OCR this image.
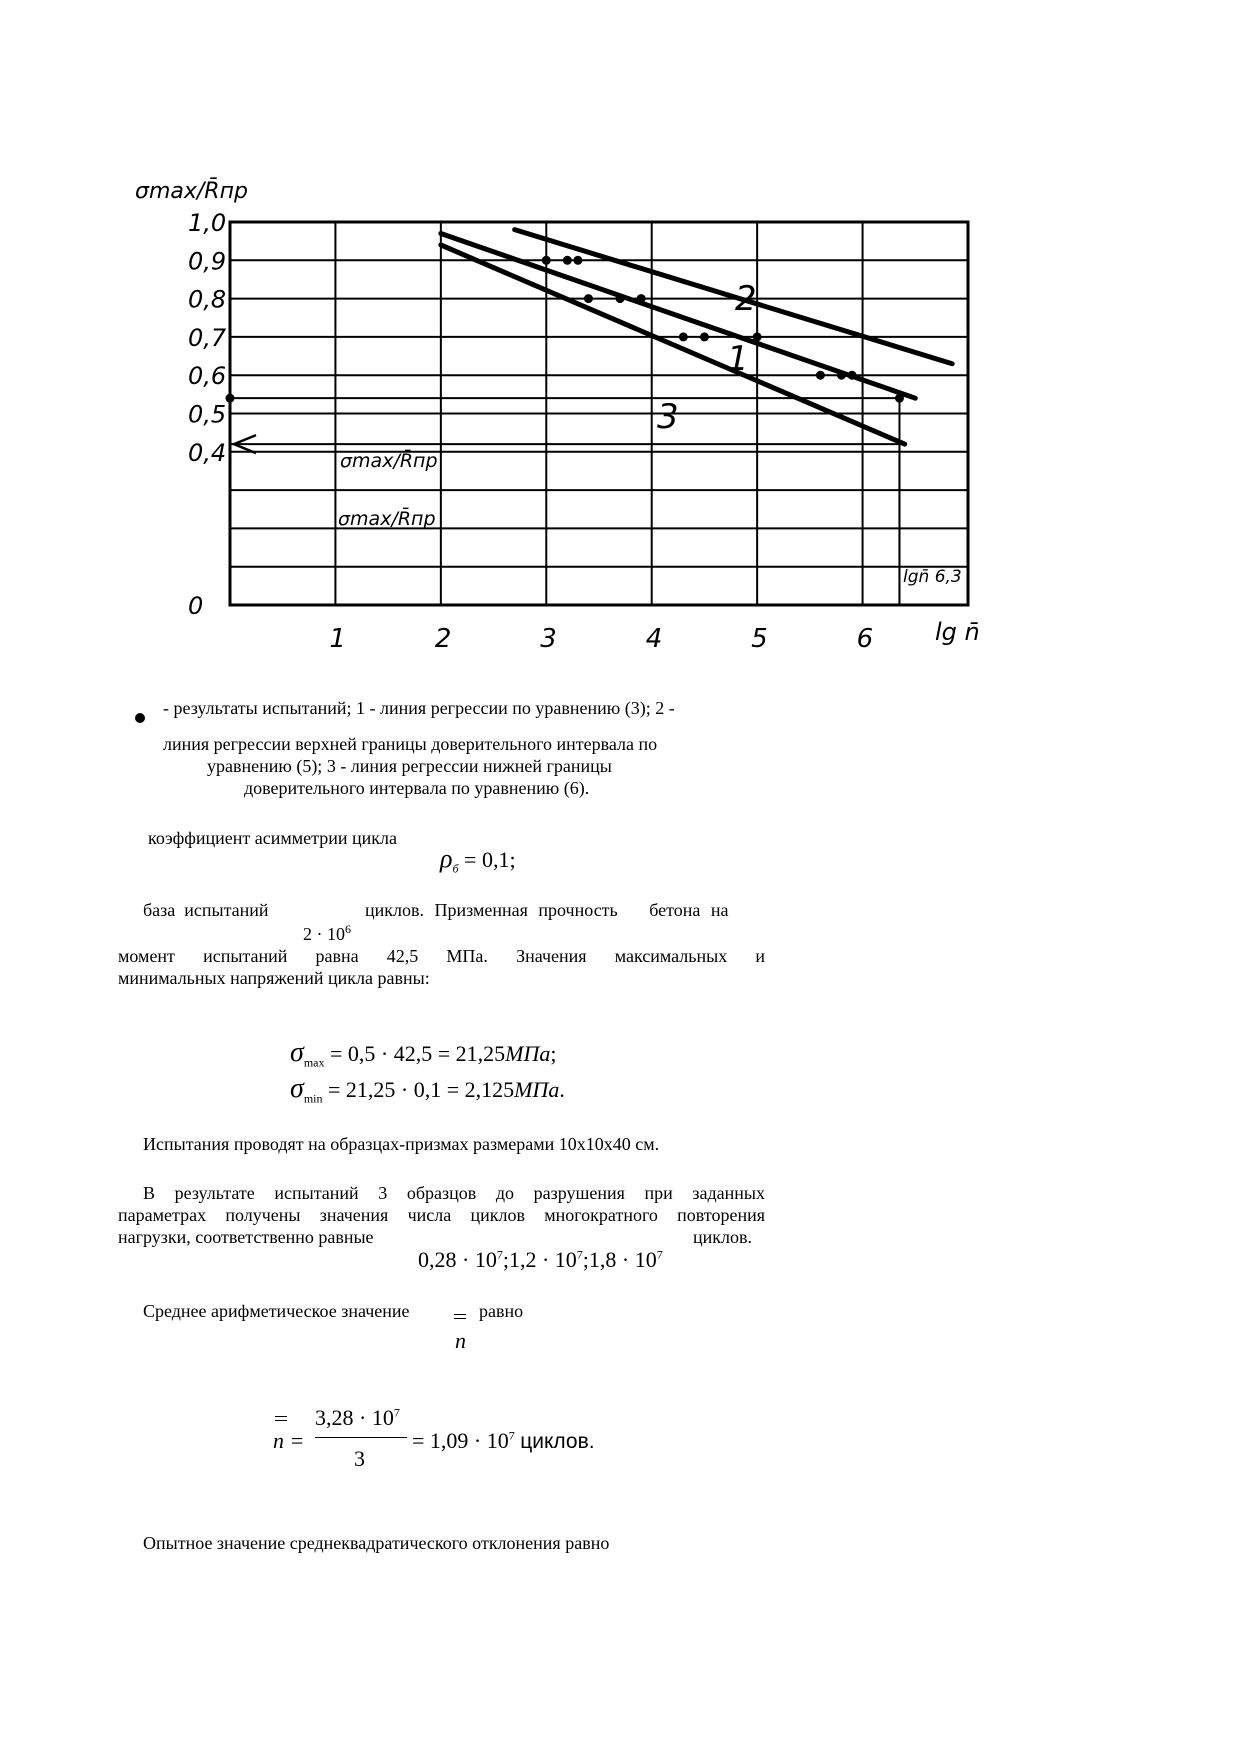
1	2	3	4	5	6
0
0,4
0,5
0,6
0,7
0,8
0,9
1,0
σmax/R̄пр
lg n̄
σmax/R̄пр
σmax/R̄пр
lgn̄ 6,3
2
1
3
- результаты испытаний; 1 - линия регрессии по уравнению (3); 2 -
линия регрессии верхней границы доверительного интервала по
уравнению (5); 3 - линия регрессии нижней границы
доверительного интервала по уравнению (6).
коэффициент асимметрии цикла
$\rho_б = 0,1$;
база  испытаний	циклов. Призменная прочность   бетона на
$2 \cdot 10^6$
момент испытаний равна 42,5 МПа. Значения максимальных и
минимальных напряжений цикла равны:
$\sigma_{max} = 0,5 \cdot 42,5 = 21,25МПа$;
$\sigma_{min} = 21,25 \cdot 0,1 = 2,125МПа$.
Испытания проводят на образцах-призмах размерами 10х10х40 см.
В результате испытаний 3 образцов до разрушения при заданных
параметрах получены значения числа циклов многократного повторения
нагрузки, соответственно равные	циклов.
$0,28 \cdot 10^7;1,2$ · $10^7;1,8 \cdot 10^7$
Среднее арифметическое значение
n
равно
n =
$3,28 \cdot 10^7$
3
= $1,09 \cdot 10^7$ циклов.
Опытное значение среднеквадратического отклонения равно
